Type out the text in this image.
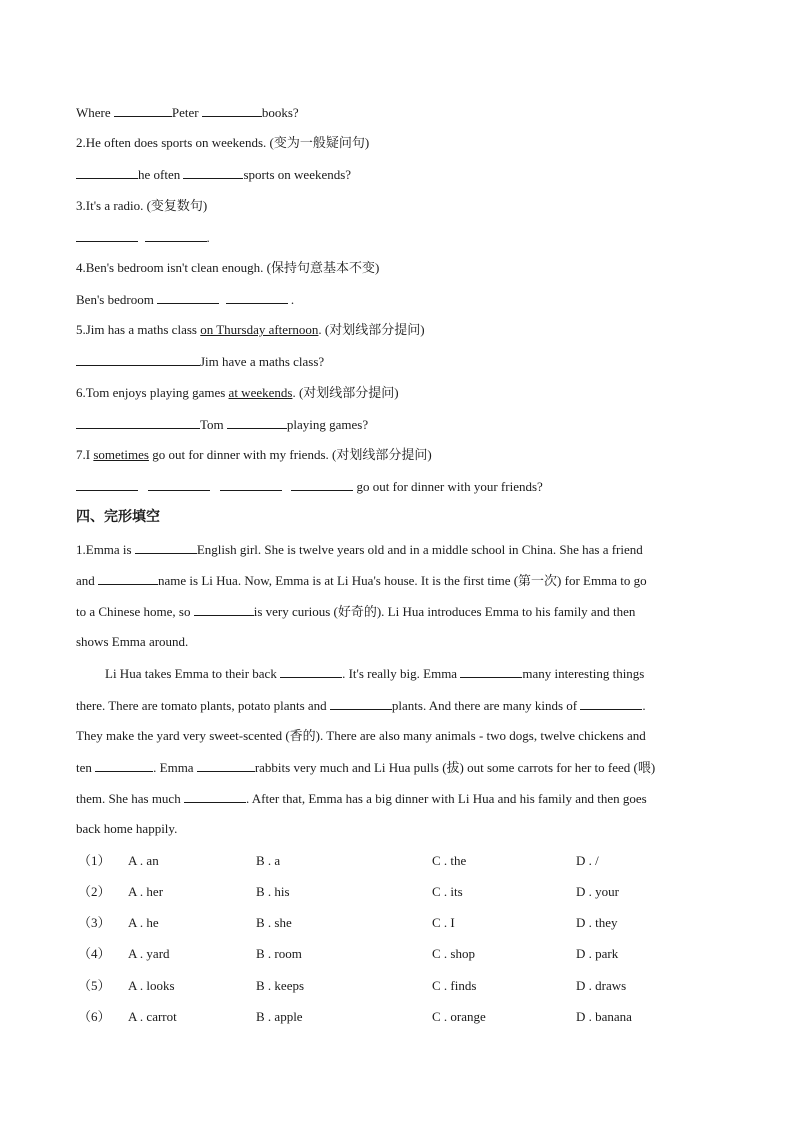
Where	Peter	books?
2.He often does sports on weekends. (变为一般疑问句)
he often	sports on weekends?
3.It's a radio. (变复数句)
.
4.Ben's bedroom isn't clean enough. (保持句意基本不变)
Ben's bedroom	.
5.Jim has a maths class on Thursday afternoon. (对划线部分提问)
Jim have a maths class?
6.Tom enjoys playing games at weekends. (对划线部分提问)
Tom	playing games?
7.I sometimes go out for dinner with my friends. (对划线部分提问)
go out for dinner with your friends?
四、完形填空
1.Emma is	English girl. She is twelve years old and in a middle school in China. She has a friend
and	name is Li Hua. Now, Emma is at Li Hua's house. It is the first time (第一次) for Emma to go
to a Chinese home, so	is very curious (好奇的). Li Hua introduces Emma to his family and then
shows Emma around.
Li Hua takes Emma to their back	. It's really big. Emma	many interesting things
there. There are tomato plants, potato plants and	plants. And there are many kinds of	.
They make the yard very sweet-scented (香的). There are also many animals - two dogs, twelve chickens and
ten	. Emma	rabbits very much and Li Hua pulls (拔) out some carrots for her to feed (喂)
them. She has much	. After that, Emma has a big dinner with Li Hua and his family and then goes
back home happily.
（1） A . an	B . a	C . the	D . /
（2） A . her	B . his	C . its	D . your
（3） A . he	B . she	C . I	D . they
（4） A . yard	B . room	C . shop	D . park
（5） A . looks	B . keeps	C . finds	D . draws
（6） A . carrot	B . apple	C . orange	D . banana
